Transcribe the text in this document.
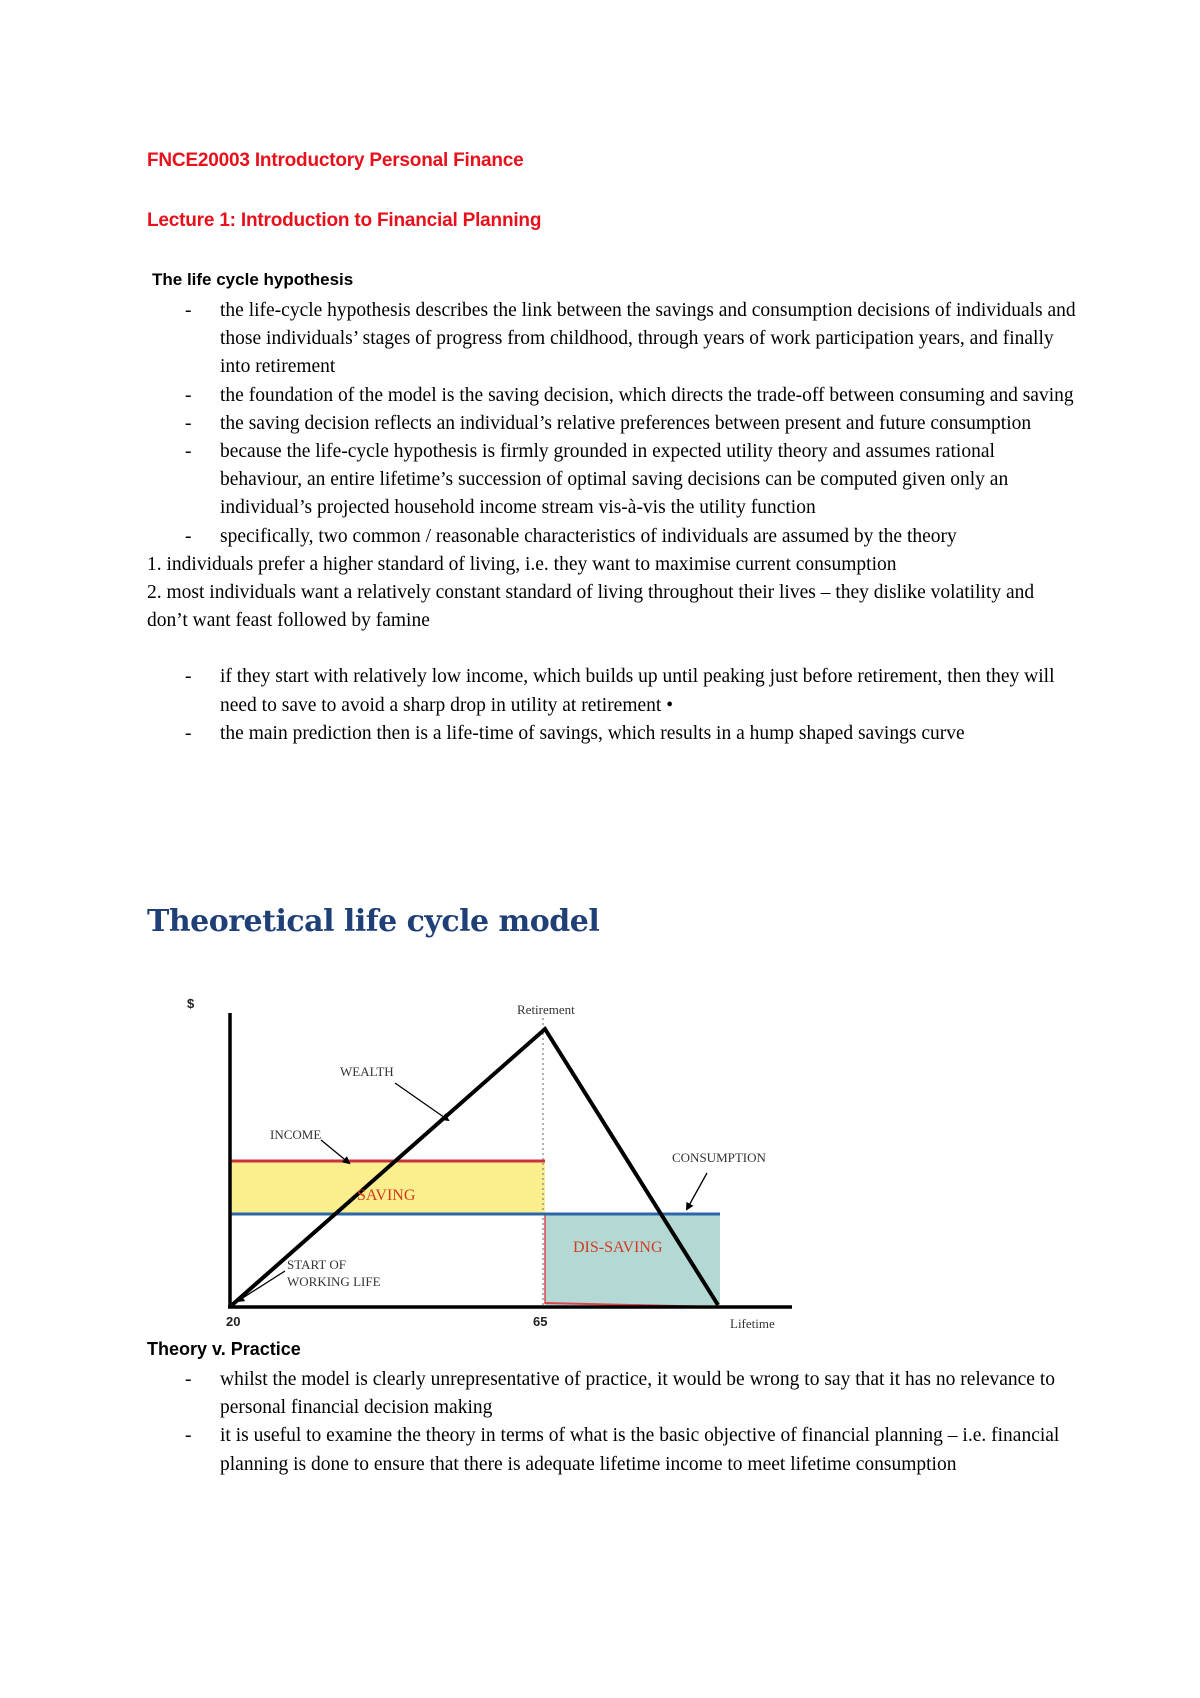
FNCE20003 Introductory Personal Finance
Lecture 1: Introduction to Financial Planning
The life cycle hypothesis
- the life-cycle hypothesis describes the link between the savings and consumption decisions of individuals and those individuals’ stages of progress from childhood, through years of work participation years, and finally into retirement
- the foundation of the model is the saving decision, which directs the trade-off between consuming and saving
- the saving decision reflects an individual’s relative preferences between present and future consumption
- because the life-cycle hypothesis is firmly grounded in expected utility theory and assumes rational behaviour, an entire lifetime’s succession of optimal saving decisions can be computed given only an individual’s projected household income stream vis-à-vis the utility function
- specifically, two common / reasonable characteristics of individuals are assumed by the theory
1. individuals prefer a higher standard of living, i.e. they want to maximise current consumption
2. most individuals want a relatively constant standard of living throughout their lives – they dislike volatility and don’t want feast followed by famine
- if they start with relatively low income, which builds up until peaking just before retirement, then they will need to save to avoid a sharp drop in utility at retirement •
- the main prediction then is a life-time of savings, which results in a hump shaped savings curve
Theoretical life cycle model
$	Retirement
WEALTH
INCOME
CONSUMPTION
SAVING
DIS-SAVING
START OF
WORKING LIFE
20	65	Lifetime
Theory v. Practice
- whilst the model is clearly unrepresentative of practice, it would be wrong to say that it has no relevance to personal financial decision making
- it is useful to examine the theory in terms of what is the basic objective of financial planning – i.e. financial planning is done to ensure that there is adequate lifetime income to meet lifetime consumption
